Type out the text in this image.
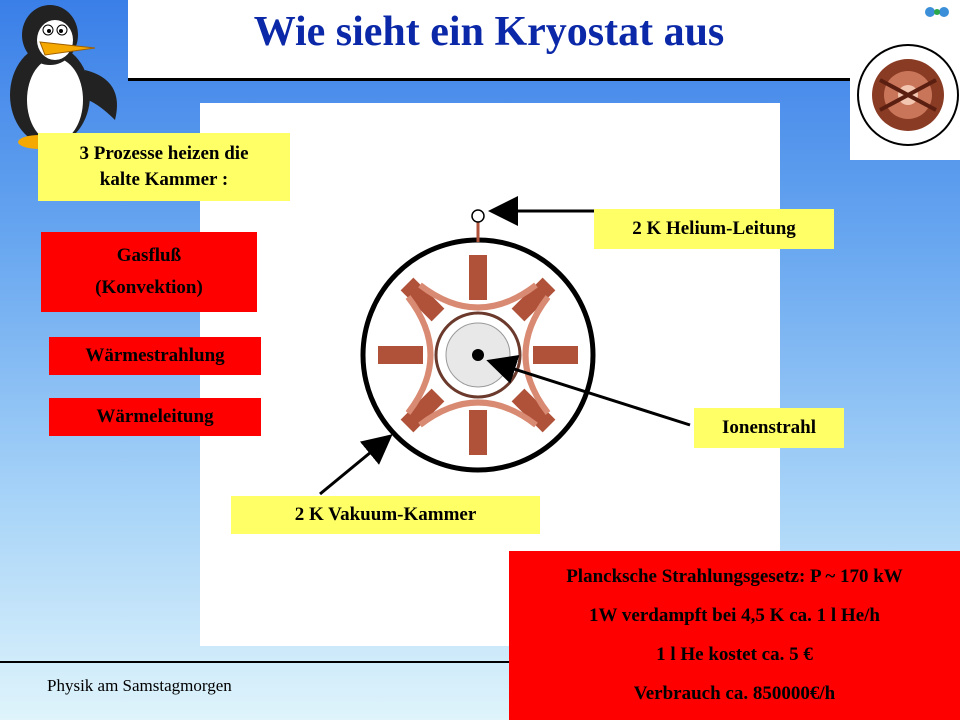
Wie sieht ein Kryostat aus
3 Prozesse heizen die
kalte Kammer :
Gasfluß
(Konvektion)
Wärmestrahlung
Wärmeleitung
2 K Helium-Leitung
Ionenstrahl
2 K Vakuum-Kammer
Physik am Samstagmorgen
Plancksche Strahlungsgesetz: P ~ 170 kW
1W verdampft bei 4,5 K ca. 1 l He/h
1 l He kostet ca. 5 €
Verbrauch ca. 850000€/h
